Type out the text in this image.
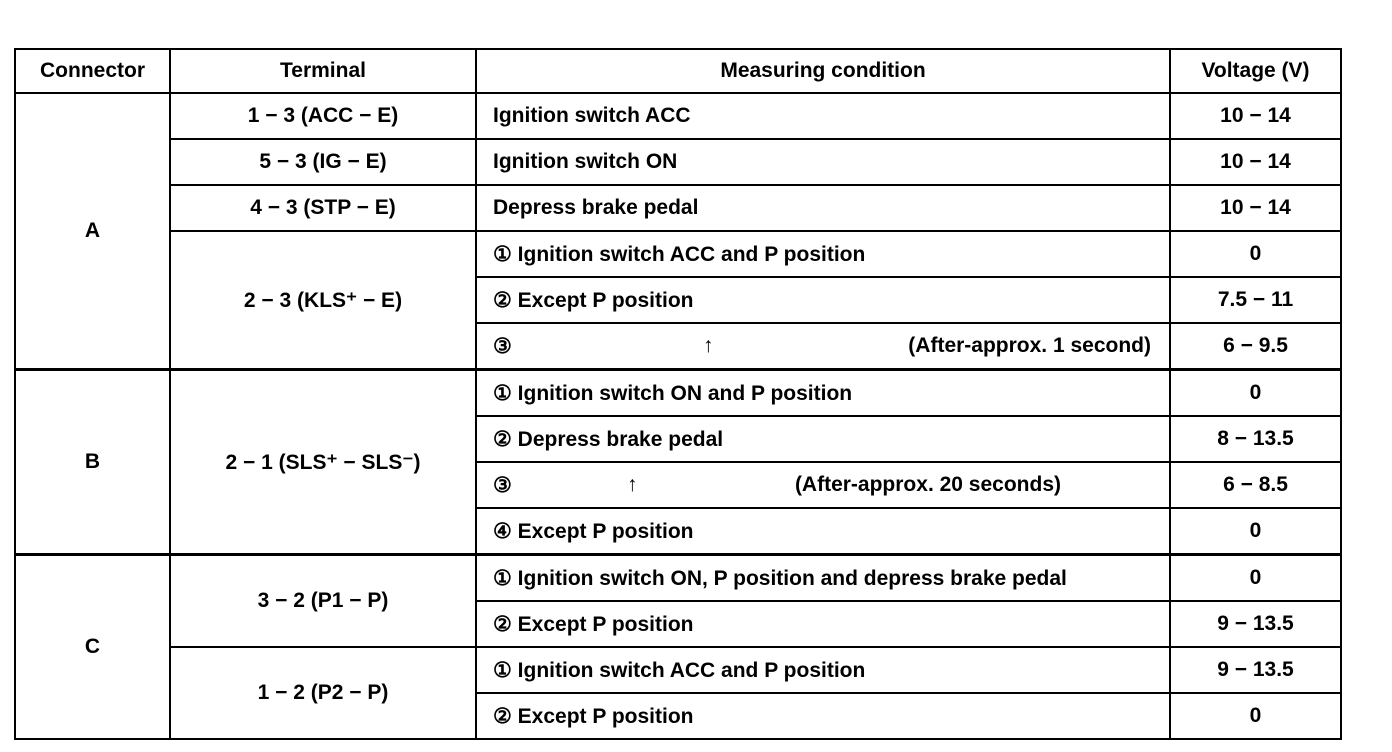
Connector	Terminal	Measuring condition	Voltage (V)
A	1 − 3 (ACC − E)	Ignition switch ACC	10 − 14
	5 − 3 (IG − E)	Ignition switch ON	10 − 14
	4 − 3 (STP − E)	Depress brake pedal	10 − 14
	2 − 3 (KLS⁺ − E)	① Ignition switch ACC and P position	0
		② Except P position	7.5 − 11
		③ ↑ (After-approx. 1 second)	6 − 9.5
B	2 − 1 (SLS⁺ − SLS⁻)	① Ignition switch ON and P position	0
		② Depress brake pedal	8 − 13.5
		③ ↑ (After-approx. 20 seconds)	6 − 8.5
		④ Except P position	0
C	3 − 2 (P1 − P)	① Ignition switch ON, P position and depress brake pedal	0
		② Except P position	9 − 13.5
	1 − 2 (P2 − P)	① Ignition switch ACC and P position	9 − 13.5
		② Except P position	0
